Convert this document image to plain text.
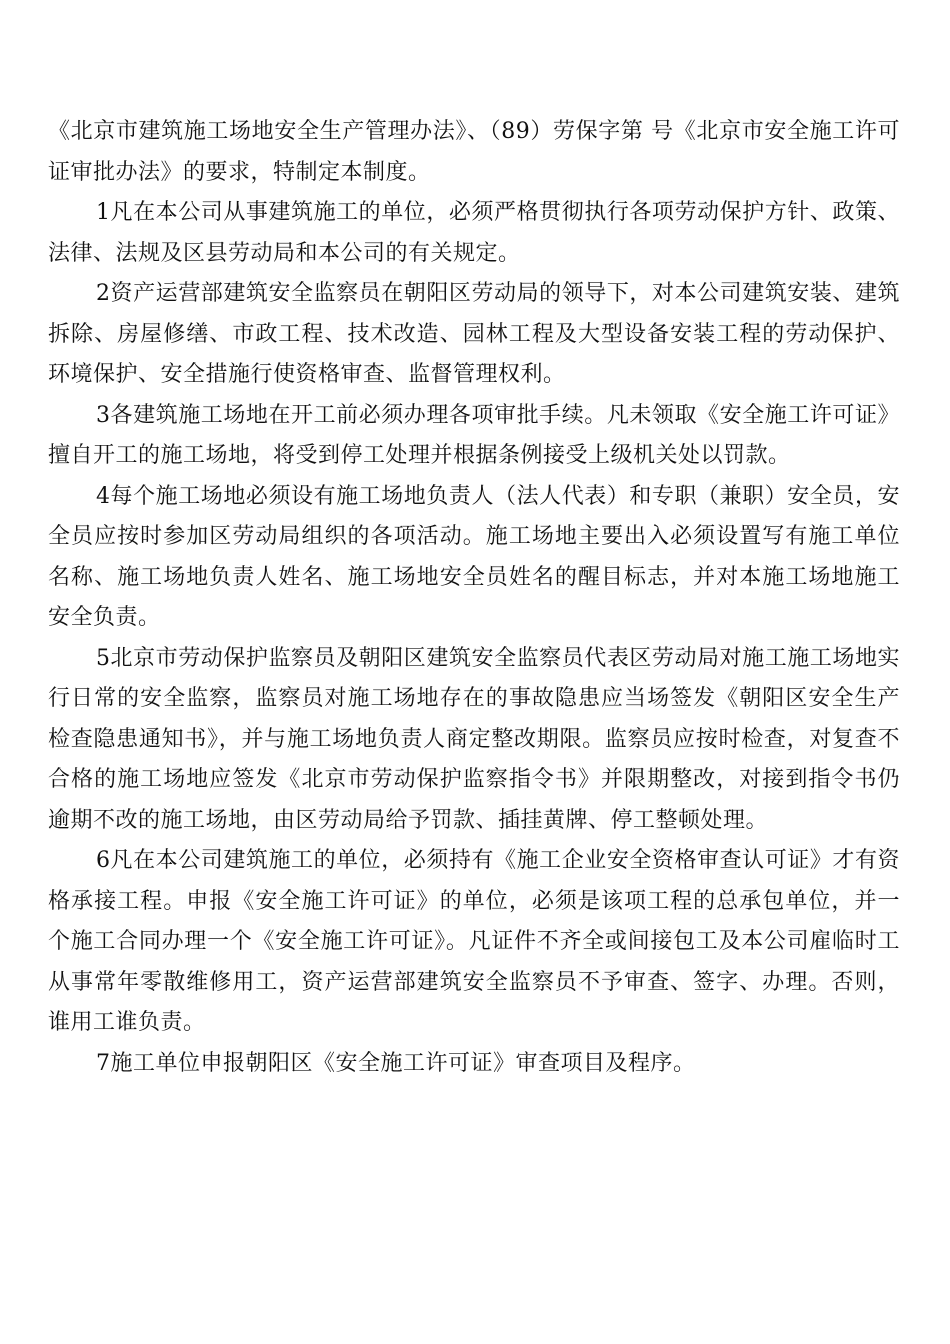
《北京市建筑施工场地安全生产管理办法》、（89）劳保字第 号《北京市安全施工许可证审批办法》的要求，特制定本制度。

1凡在本公司从事建筑施工的单位，必须严格贯彻执行各项劳动保护方针、政策、法律、法规及区县劳动局和本公司的有关规定。

2资产运营部建筑安全监察员在朝阳区劳动局的领导下，对本公司建筑安装、建筑拆除、房屋修缮、市政工程、技术改造、园林工程及大型设备安装工程的劳动保护、环境保护、安全措施行使资格审查、监督管理权利。

3各建筑施工场地在开工前必须办理各项审批手续。凡未领取《安全施工许可证》擅自开工的施工场地，将受到停工处理并根据条例接受上级机关处以罚款。

4每个施工场地必须设有施工场地负责人（法人代表）和专职（兼职）安全员，安全员应按时参加区劳动局组织的各项活动。施工场地主要出入必须设置写有施工单位名称、施工场地负责人姓名、施工场地安全员姓名的醒目标志，并对本施工场地施工安全负责。

5北京市劳动保护监察员及朝阳区建筑安全监察员代表区劳动局对施工施工场地实行日常的安全监察，监察员对施工场地存在的事故隐患应当场签发《朝阳区安全生产检查隐患通知书》，并与施工场地负责人商定整改期限。监察员应按时检查，对复查不合格的施工场地应签发《北京市劳动保护监察指令书》并限期整改，对接到指令书仍逾期不改的施工场地，由区劳动局给予罚款、插挂黄牌、停工整顿处理。

6凡在本公司建筑施工的单位，必须持有《施工企业安全资格审查认可证》才有资格承接工程。申报《安全施工许可证》的单位，必须是该项工程的总承包单位，并一个施工合同办理一个《安全施工许可证》。凡证件不齐全或间接包工及本公司雇临时工从事常年零散维修用工，资产运营部建筑安全监察员不予审查、签字、办理。否则，谁用工谁负责。

7施工单位申报朝阳区《安全施工许可证》审查项目及程序。
